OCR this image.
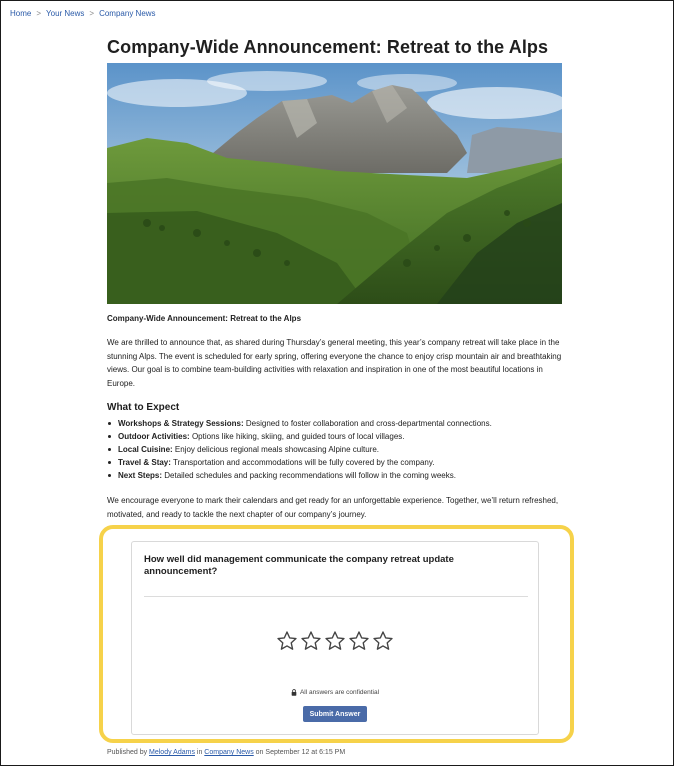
Home > Your News > Company News
Company-Wide Announcement: Retreat to the Alps

Company-Wide Announcement: Retreat to the Alps

We are thrilled to announce that, as shared during Thursday’s general meeting, this year’s company retreat will take place in the stunning Alps. The event is scheduled for early spring, offering everyone the chance to enjoy crisp mountain air and breathtaking views. Our goal is to combine team-building activities with relaxation and inspiration in one of the most beautiful locations in Europe.

What to Expect
Workshops & Strategy Sessions: Designed to foster collaboration and cross-departmental connections.
Outdoor Activities: Options like hiking, skiing, and guided tours of local villages.
Local Cuisine: Enjoy delicious regional meals showcasing Alpine culture.
Travel & Stay: Transportation and accommodations will be fully covered by the company.
Next Steps: Detailed schedules and packing recommendations will follow in the coming weeks.

We encourage everyone to mark their calendars and get ready for an unforgettable experience. Together, we’ll return refreshed, motivated, and ready to tackle the next chapter of our company’s journey.

How well did management communicate the company retreat update announcement?

All answers are confidential
Submit Answer

Published by Melody Adams in Company News on September 12 at 6:15 PM
